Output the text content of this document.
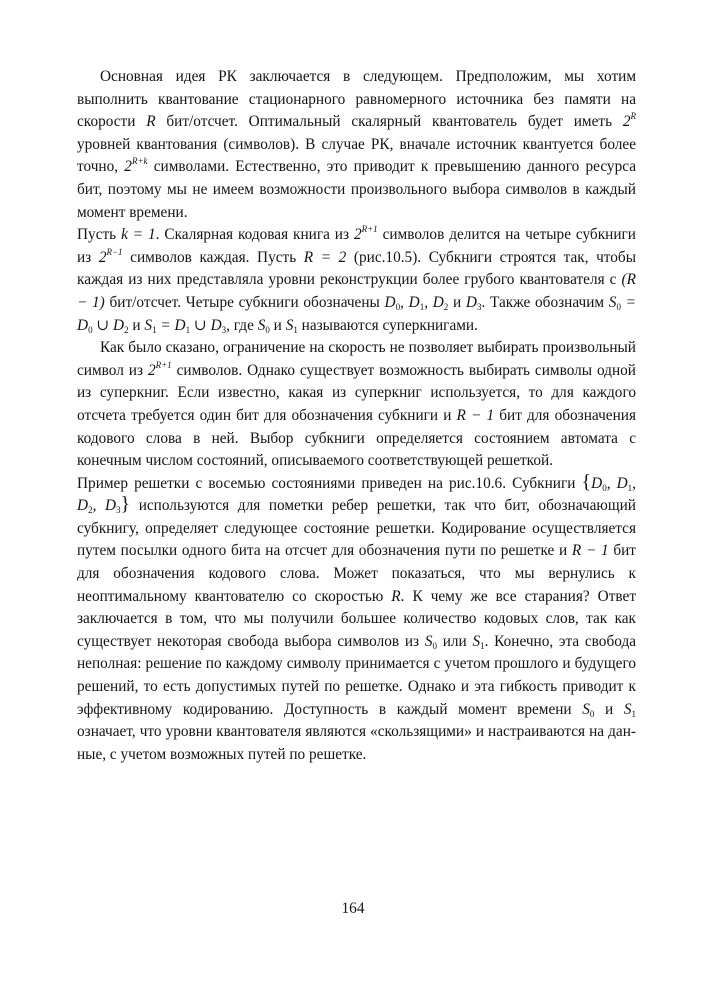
Основная идея РК заключается в следующем. Предположим, мы хотим выполнить квантование стационарного равномерного источника без памяти на скорости R бит/отсчет. Оптимальный скалярный квантователь будет иметь $2^R$ уровней квантования (символов). В случае РК, вначале источник квантуется более точно, $2^{R+k}$ символами. Естественно, это приводит к превышению данного ресурса бит, поэтому мы не имеем возможности произвольного выбора символов в каждый момент времени.

Пусть k = 1. Скалярная кодовая книга из $2^{R+1}$ символов делится на четыре субкниги из $2^{R-1}$ символов каждая. Пусть R = 2 (рис.10.5). Субкниги строятся так, чтобы каждая из них представляла уровни реконструкции более грубого квантователя с (R − 1) бит/отсчет. Четыре субкниги обозначены $D_0$, $D_1$, $D_2$ и $D_3$. Также обозначим $S_0 = D_0$ ∪ $D_2$ и $S_1 = D_1$ ∪ $D_3$, где $S_0$ и $S_1$ называются суперкнигами.

Как было сказано, ограничение на скорость не позволяет выбирать произвольный символ из $2^{R+1}$ символов. Однако существует возможность выбирать символы одной из суперкниг. Если известно, какая из суперкниг используется, то для каждого отсчета требуется один бит для обозначения субкниги и R − 1 бит для обозначения кодового слова в ней. Выбор субкниги определяется состоянием автомата с конечным числом состояний, описываемого соответствующей решеткой.

Пример решетки с восемью состояниями приведен на рис.10.6. Субкниги {$D_0$, $D_1$, $D_2$, $D_3$} используются для пометки ребер решетки, так что бит, обозначающий субкнигу, определяет следующее состояние решетки. Кодирование осуществляется путем посылки одного бита на отсчет для обозначения пути по решетке и R − 1 бит для обозначения кодового слова. Может показаться, что мы вернулись к неоптимальному квантователю со скоростью R. К чему же все старания? Ответ заключается в том, что мы получили большее количество кодовых слов, так как существует некоторая свобода выбора символов из $S_0$ или $S_1$. Конечно, эта свобода неполная: решение по каждому символу принимается с учетом прошлого и будущего решений, то есть допустимых путей по решетке. Однако и эта гибкость приводит к эффективному кодированию. Доступность в каждый момент времени $S_0$ и $S_1$ означает, что уровни квантователя являются «скользящими» и настраиваются на данные, с учетом возможных путей по решетке.

164
